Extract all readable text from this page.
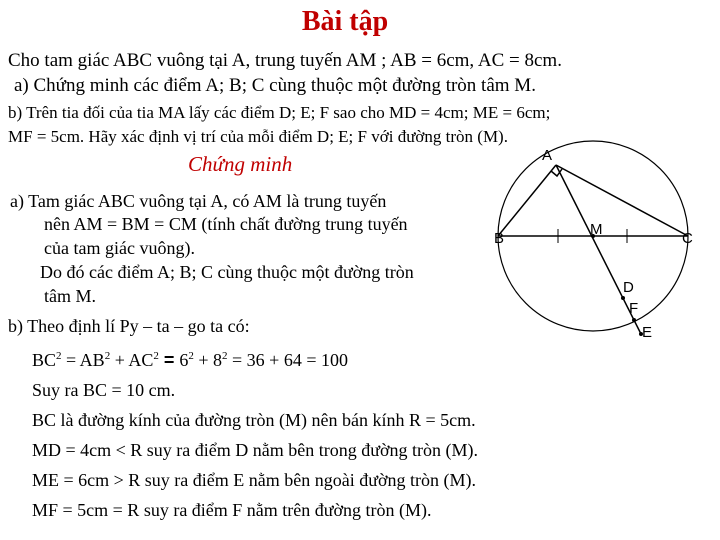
Bài tập
Cho tam giác ABC vuông tại A, trung tuyến AM ; AB = 6cm, AC = 8cm.
a) Chứng minh các điểm A; B; C cùng thuộc một đường tròn tâm M.
b) Trên tia đối của tia MA lấy các điểm D; E; F sao cho MD = 4cm; ME = 6cm;
MF = 5cm. Hãy xác định vị trí của mỗi điểm D; E; F với đường tròn (M).
Chứng minh
a) Tam giác ABC vuông tại A, có AM là trung tuyến
nên AM = BM = CM (tính chất đường trung tuyến
của tam giác vuông).
Do đó các điểm A; B; C cùng thuộc một đường tròn
tâm M.
b) Theo định lí Py – ta – go ta có:
$BC^2 = AB^2 + AC^2 = 6^2 + 8^2 = 36 + 64 = 100$
Suy ra BC = 10 cm.
BC là đường kính của đường tròn (M) nên bán kính R = 5cm.
MD = 4cm < R suy ra điểm D nằm bên trong đường tròn (M).
ME = 6cm > R suy ra điểm E nằm bên ngoài đường tròn (M).
MF = 5cm = R suy ra điểm F nằm trên đường tròn (M).
A
B	C
M
D
F
E
